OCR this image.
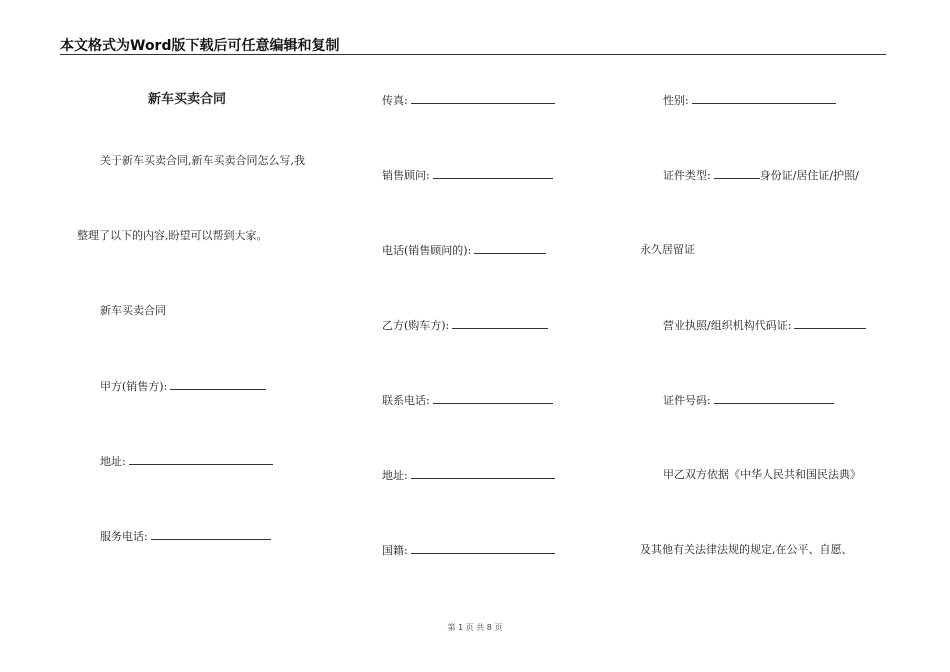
本文格式为Word版下载后可任意编辑和复制
新车买卖合同
关于新车买卖合同,新车买卖合同怎么写,我
整理了以下的内容,盼望可以帮到大家。
新车买卖合同
甲方(销售方):
地址:
服务电话:
传真:
销售顾问:
电话(销售顾问的):
乙方(购车方):
联系电话:
地址:
国籍:
性别:
证件类型:	身份证/居住证/护照/
永久居留证
营业执照/组织机构代码证:
证件号码:
甲乙双方依据《中华人民共和国民法典》
及其他有关法律法规的规定,在公平、自愿、
第 1 页 共 8 页
